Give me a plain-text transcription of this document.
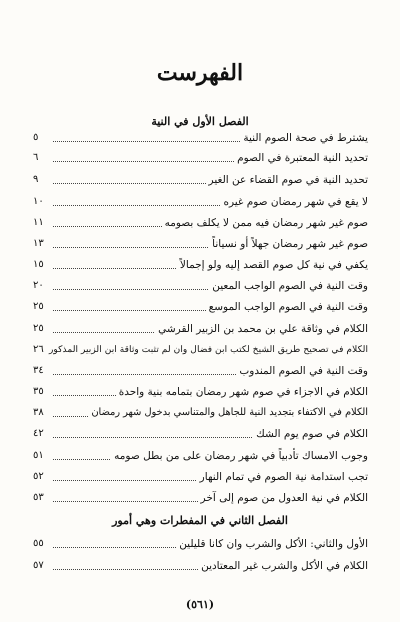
الفهرست
الفصل الأول في النية
يشترط في صحة الصوم النية
٥
تحديد النية المعتبرة في الصوم
٦
تحديد النية في صوم القضاء عن الغير
٩
لا يقع في شهر رمضان صوم غيره
١٠
صوم غير شهر رمضان فيه ممن لا يكلف بصومه
١١
صوم غير شهر رمضان جهلاً أو نسياناً
١٣
يكفي في نية كل صوم القصد إليه ولو إجمالاً
١٥
وقت النية في الصوم الواجب المعين
٢٠
وقت النية في الصوم الواجب الموسع
٢٥
الكلام في وثاقة علي بن محمد بن الزبير القرشي
٢٥
الكلام في تصحيح طريق الشيخ لكتب ابن فضال وان لم تثبت وثاقة ابن الزبير المذكور
٢٦
وقت النية في الصوم المندوب
٣٤
الكلام في الاجزاء في صوم شهر رمضان بتمامه بنية واحدة
٣٥
الكلام في الاكتفاء بتجديد النية للجاهل والمتناسي بدخول شهر رمضان
٣٨
الكلام في صوم يوم الشك
٤٢
وجوب الامساك تأدبياً في شهر رمضان على من بطل صومه
٥١
تجب استدامة نية الصوم في تمام النهار
٥٢
الكلام في نية العدول من صوم إلى آخر
٥٣
الفصل الثاني في المفطرات وهي أمور
الأول والثاني: الأكل والشرب وان كانا قليلين
٥٥
الكلام في الأكل والشرب غير المعتادين
٥٧
(٥٦١)
